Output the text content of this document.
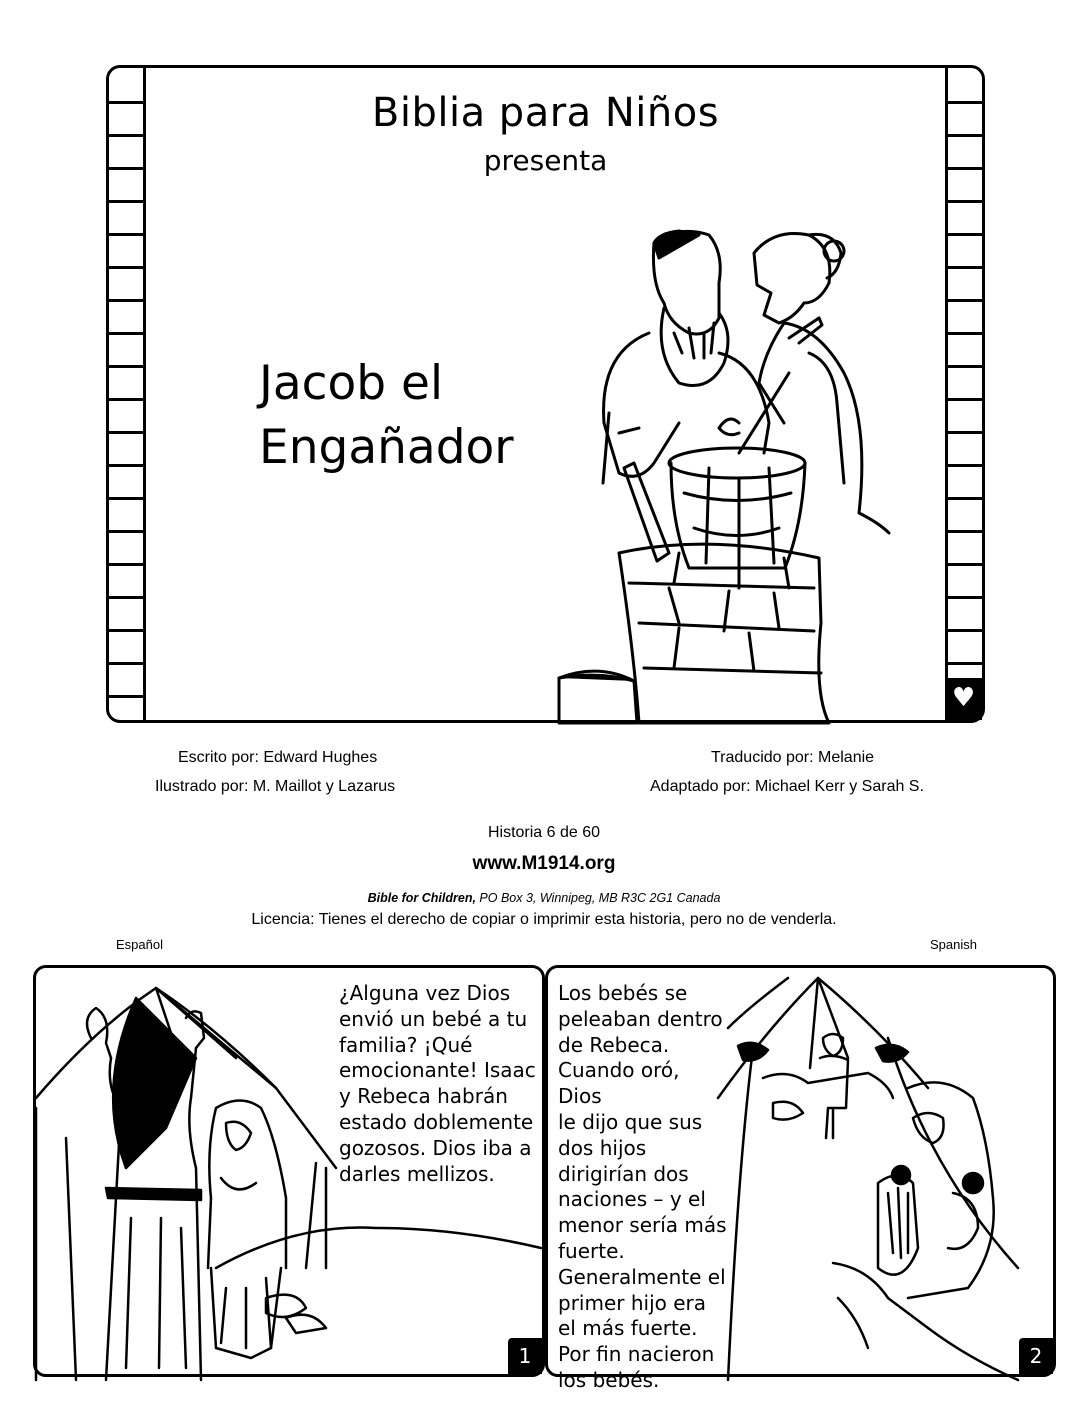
Biblia para Niños
presenta
Jacob el
Engañador
♥
Escrito por: Edward Hughes
Ilustrado por: M. Maillot y Lazarus
Traducido por: Melanie
Adaptado por: Michael Kerr y Sarah S.
Historia 6 de 60
www.M1914.org
Bible for Children, PO Box 3, Winnipeg, MB R3C 2G1 Canada
Licencia: Tienes el derecho de copiar o imprimir esta historia, pero no de venderla.
Español	Spanish
¿Alguna vez Dios
envió un bebé a tu
familia? ¡Qué
emocionante! Isaac
y Rebeca habrán
estado doblemente
gozosos. Dios iba a
darles mellizos.
1
Los bebés se
peleaban dentro
de Rebeca.
Cuando oró, Dios
le dijo que sus
dos hijos
dirigirían dos
naciones – y el
menor sería más
fuerte.
Generalmente el
primer hijo era
el más fuerte.
Por fin nacieron
los bebés.
2
